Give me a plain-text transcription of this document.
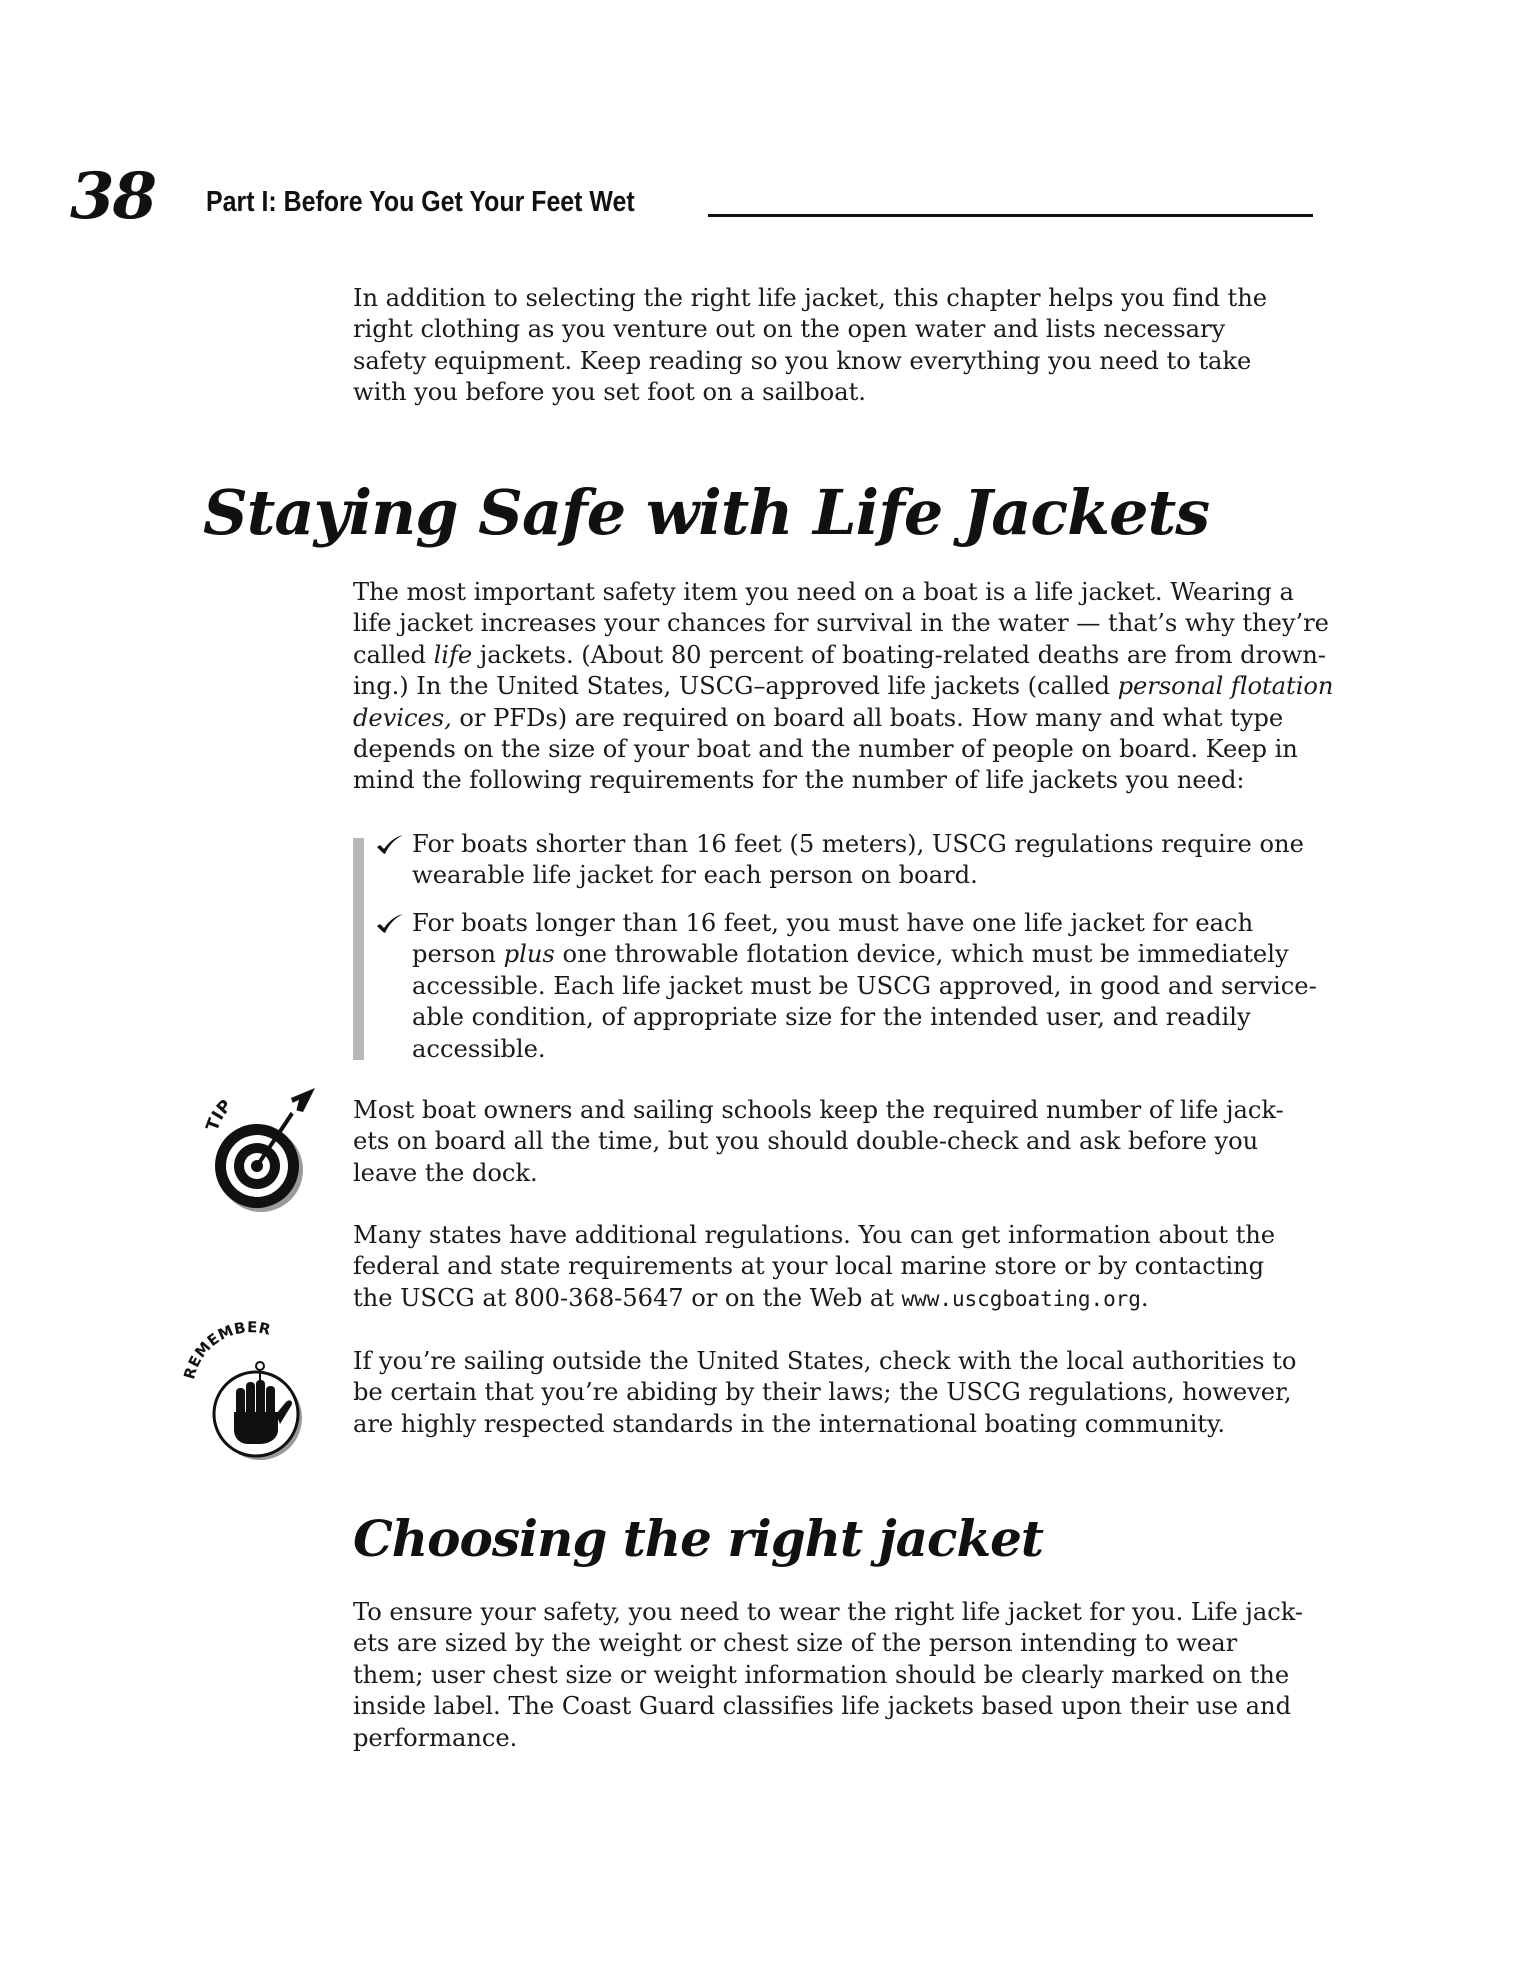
38 Part I: Before You Get Your Feet Wet

In addition to selecting the right life jacket, this chapter helps you find the
right clothing as you venture out on the open water and lists necessary
safety equipment. Keep reading so you know everything you need to take
with you before you set foot on a sailboat.

Staying Safe with Life Jackets

The most important safety item you need on a boat is a life jacket. Wearing a
life jacket increases your chances for survival in the water — that’s why they’re
called life jackets. (About 80 percent of boating-related deaths are from drown-
ing.) In the United States, USCG–approved life jackets (called personal flotation
devices, or PFDs) are required on board all boats. How many and what type
depends on the size of your boat and the number of people on board. Keep in
mind the following requirements for the number of life jackets you need:

For boats shorter than 16 feet (5 meters), USCG regulations require one
wearable life jacket for each person on board.
For boats longer than 16 feet, you must have one life jacket for each
person plus one throwable flotation device, which must be immediately
accessible. Each life jacket must be USCG approved, in good and service-
able condition, of appropriate size for the intended user, and readily
accessible.
IP	Most boat owners and sailing schools keep the required number of life jack-
ets on board all the time, but you should double-check and ask before you
leave the dock.

Many states have additional regulations. You can get information about the
federal and state requirements at your local marine store or by contacting
the USCG at 800-368-5647 or on the Web at www.uscgboating.org.

REMEMBER

If you’re sailing outside the United States, check with the local authorities to
be certain that you’re abiding by their laws; the USCG regulations, however,
are highly respected standards in the international boating community.

Choosing the right jacket

To ensure your safety, you need to wear the right life jacket for you. Life jack-
ets are sized by the weight or chest size of the person intending to wear
them; user chest size or weight information should be clearly marked on the
inside label. The Coast Guard classifies life jackets based upon their use and
performance.
